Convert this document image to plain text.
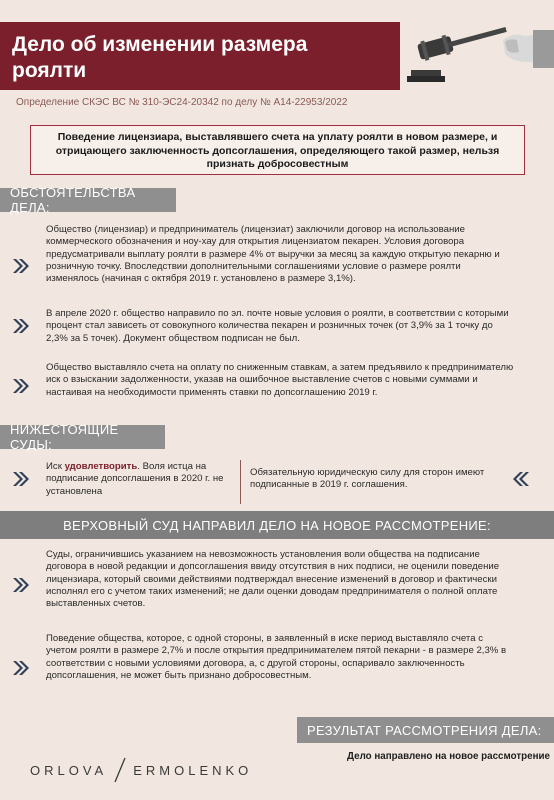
Дело об изменении размера
роялти
Определение СКЭС ВС № 310-ЭС24-20342 по делу № А14-22953/2022
Поведение лицензиара, выставлявшего счета на уплату роялти в новом размере, и отрицающего заключенность допсоглашения, определяющего такой размер, нельзя признать добросовестным
ОБСТОЯТЕЛЬСТВА ДЕЛА:
Общество (лицензиар) и предприниматель (лицензиат) заключили договор на использование коммерческого обозначения и ноу-хау для открытия лицензиатом пекарен. Условия договора предусматривали выплату роялти в размере 4% от выручки за месяц за каждую открытую пекарню и розничную точку. Впоследствии дополнительными соглашениями условие о размере роялти изменялось (начиная с октября 2019 г. установлено в размере 3,1%).
В апреле 2020 г. общество направило по эл. почте новые условия о роялти, в соответствии с которыми процент стал зависеть от совокупного количества пекарен и розничных точек (от 3,9% за 1 точку до 2,3% за 5 точек). Документ обществом подписан не был.
Общество выставляло счета на оплату по сниженным ставкам, а затем предъявило к предпринимателю иск о взыскании задолженности, указав на ошибочное выставление счетов с новыми суммами и настаивая на необходимости применять ставки по допсоглашению 2019 г.
НИЖЕСТОЯЩИЕ СУДЫ:
Иск удовлетворить. Воля истца на подписание допсоглашения в 2020 г. не установлена
Обязательную юридическую силу для сторон имеют подписанные в 2019 г. соглашения.
ВЕРХОВНЫЙ СУД НАПРАВИЛ ДЕЛО НА НОВОЕ РАССМОТРЕНИЕ:
Суды, ограничившись указанием на невозможность установления воли общества на подписание договора в новой редакции и допсоглашения ввиду отсутствия в них подписи, не оценили поведение лицензиара, который своими действиями подтверждал внесение изменений в договор и фактически исполнял его с учетом таких изменений; не дали оценки доводам предпринимателя о полной оплате выставленных счетов.
Поведение общества, которое, с одной стороны, в заявленный в иске период выставляло счета с учетом роялти в размере 2,7% и после открытия предпринимателем пятой пекарни - в размере 2,3% в соответствии с новыми условиями договора, а, с другой стороны, оспаривало заключенность допсоглашения, не может быть признано добросовестным.
РЕЗУЛЬТАТ РАССМОТРЕНИЯ ДЕЛА:
Дело направлено на новое рассмотрение
ORLOVA ERMOLENKO
